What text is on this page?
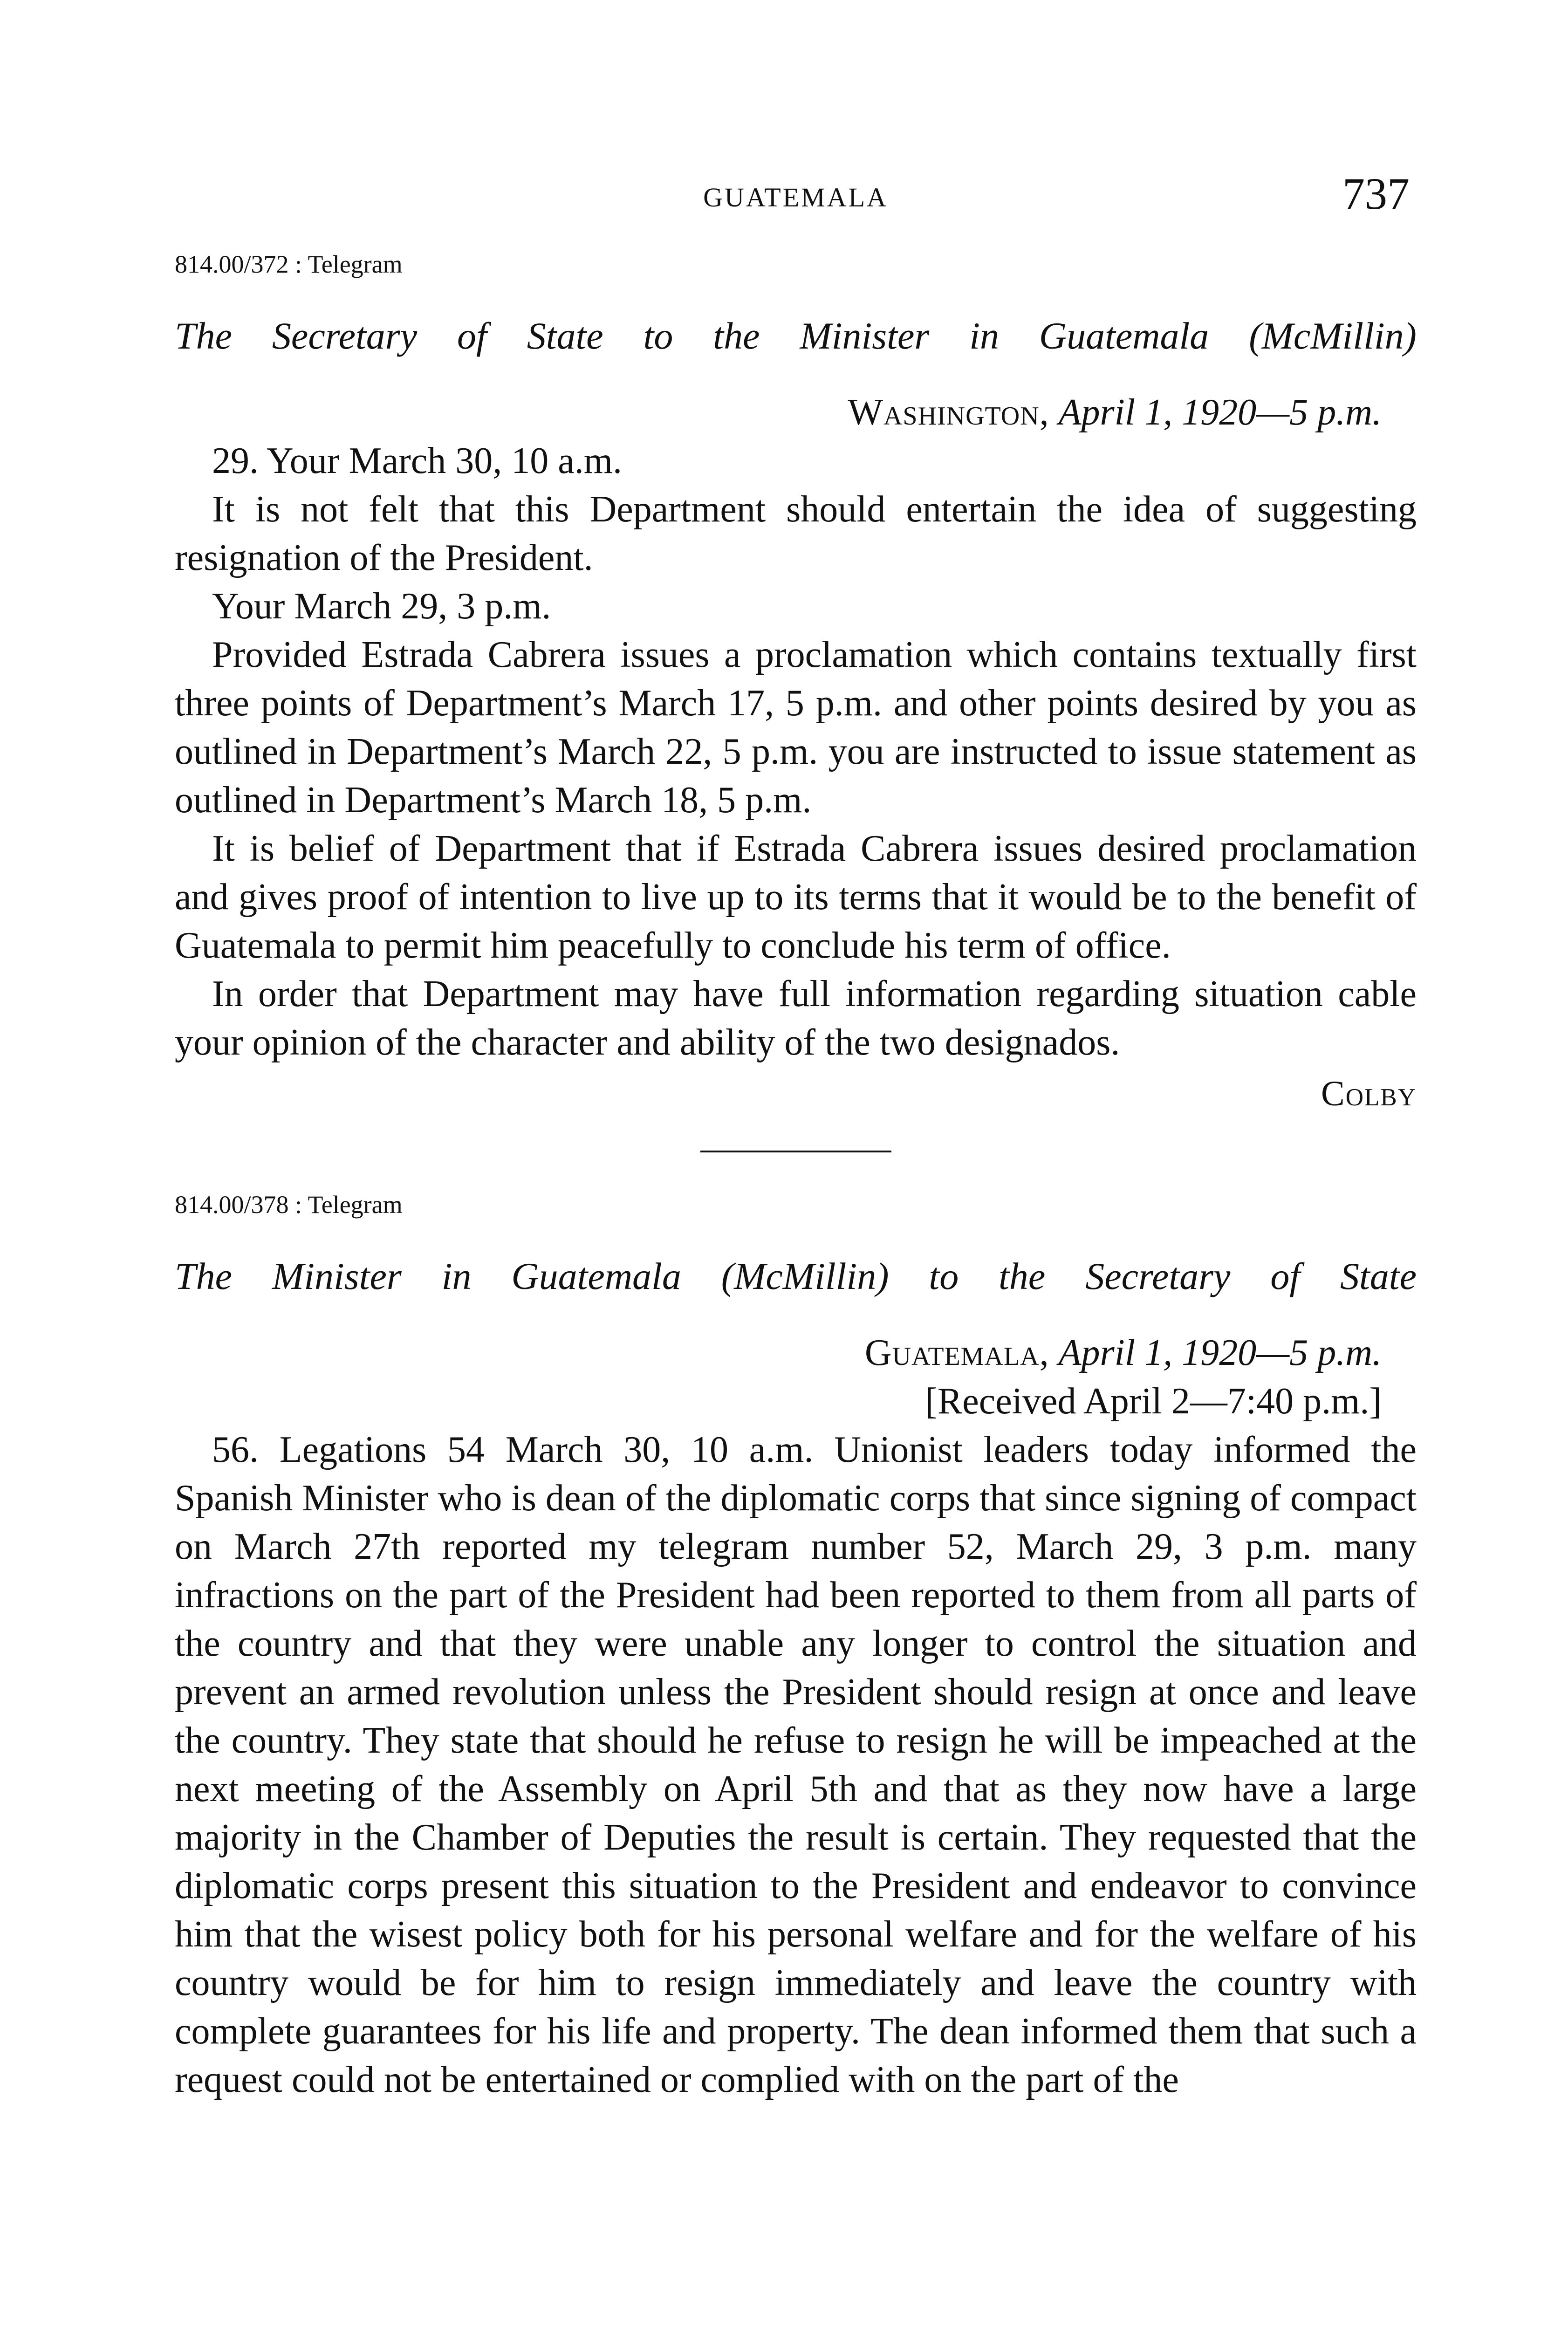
GUATEMALA	737

814.00/372 : Telegram

The Secretary of State to the Minister in Guatemala (McMillin)

Washington, April 1, 1920—5 p.m.

29. Your March 30, 10 a.m.

It is not felt that this Department should entertain the idea of suggesting resignation of the President.

Your March 29, 3 p.m.

Provided Estrada Cabrera issues a proclamation which contains textually first three points of Department’s March 17, 5 p.m. and other points desired by you as outlined in Department’s March 22, 5 p.m. you are instructed to issue statement as outlined in Department’s March 18, 5 p.m.

It is belief of Department that if Estrada Cabrera issues desired proclamation and gives proof of intention to live up to its terms that it would be to the benefit of Guatemala to permit him peacefully to conclude his term of office.

In order that Department may have full information regarding situation cable your opinion of the character and ability of the two designados.

Colby

814.00/378 : Telegram

The Minister in Guatemala (McMillin) to the Secretary of State

Guatemala, April 1, 1920—5 p.m.

[Received April 2—7:40 p.m.]

56. Legations 54 March 30, 10 a.m. Unionist leaders today informed the Spanish Minister who is dean of the diplomatic corps that since signing of compact on March 27th reported my telegram number 52, March 29, 3 p.m. many infractions on the part of the President had been reported to them from all parts of the country and that they were unable any longer to control the situation and prevent an armed revolution unless the President should resign at once and leave the country. They state that should he refuse to resign he will be impeached at the next meeting of the Assembly on April 5th and that as they now have a large majority in the Chamber of Deputies the result is certain. They requested that the diplomatic corps present this situation to the President and endeavor to convince him that the wisest policy both for his personal welfare and for the welfare of his country would be for him to resign immediately and leave the country with complete guarantees for his life and property. The dean informed them that such a request could not be entertained or complied with on the part of the
